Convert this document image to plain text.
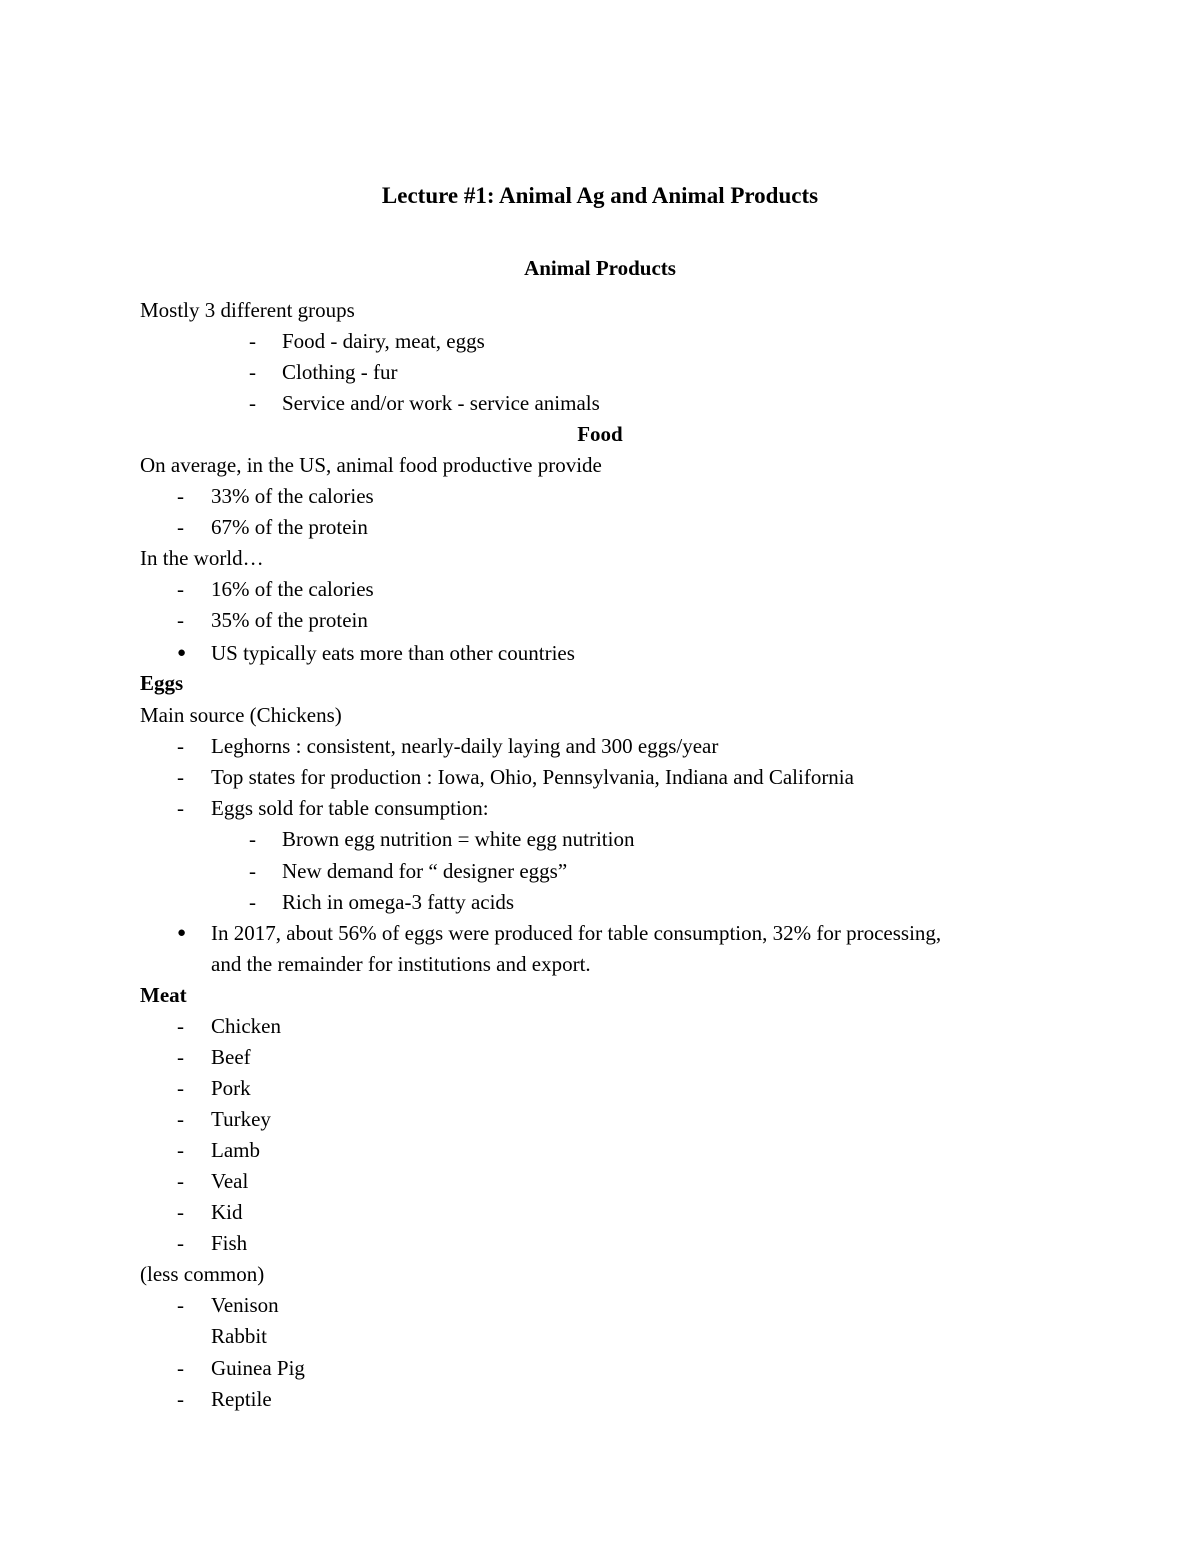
Lecture #1: Animal Ag and Animal Products
Animal Products
Mostly 3 different groups
- Food - dairy, meat, eggs
- Clothing - fur
- Service and/or work - service animals
Food
On average, in the US, animal food productive provide
- 33% of the calories
- 67% of the protein
In the world…
- 16% of the calories
- 35% of the protein
● US typically eats more than other countries
Eggs
Main source (Chickens)
- Leghorns : consistent, nearly-daily laying and 300 eggs/year
- Top states for production : Iowa, Ohio, Pennsylvania, Indiana and California
- Eggs sold for table consumption:
- Brown egg nutrition = white egg nutrition
- New demand for “ designer eggs”
- Rich in omega-3 fatty acids
● In 2017, about 56% of eggs were produced for table consumption, 32% for processing,
and the remainder for institutions and export.
Meat
- Chicken
- Beef
- Pork
- Turkey
- Lamb
- Veal
- Kid
- Fish
(less common)
- Venison
Rabbit
- Guinea Pig
- Reptile
